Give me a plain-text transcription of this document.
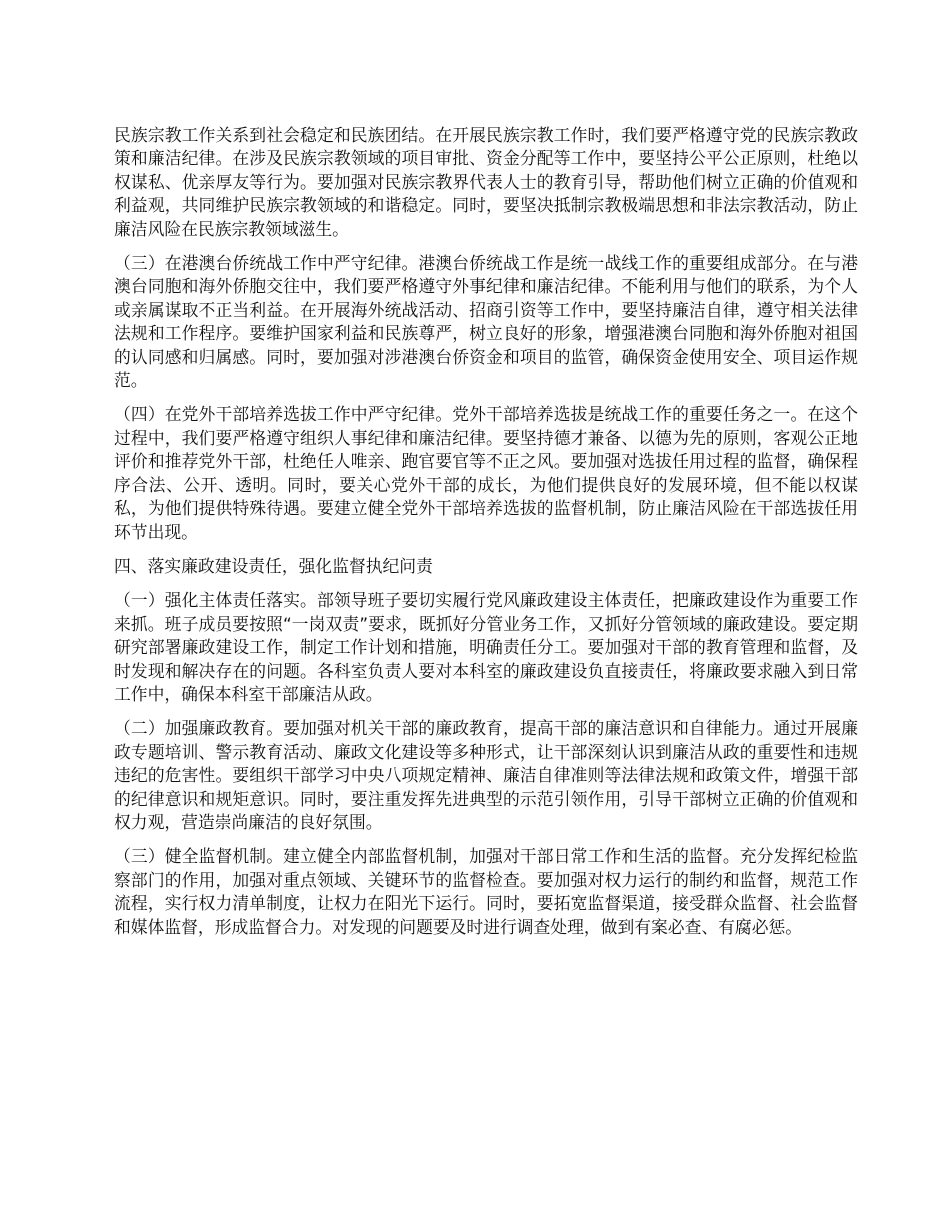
民族宗教工作关系到社会稳定和民族团结。在开展民族宗教工作时，我们要严格遵守党的民族宗教政策和廉洁纪律。在涉及民族宗教领域的项目审批、资金分配等工作中，要坚持公平公正原则，杜绝以权谋私、优亲厚友等行为。要加强对民族宗教界代表人士的教育引导，帮助他们树立正确的价值观和利益观，共同维护民族宗教领域的和谐稳定。同时，要坚决抵制宗教极端思想和非法宗教活动，防止廉洁风险在民族宗教领域滋生。

（三）在港澳台侨统战工作中严守纪律。港澳台侨统战工作是统一战线工作的重要组成部分。在与港澳台同胞和海外侨胞交往中，我们要严格遵守外事纪律和廉洁纪律。不能利用与他们的联系，为个人或亲属谋取不正当利益。在开展海外统战活动、招商引资等工作中，要坚持廉洁自律，遵守相关法律法规和工作程序。要维护国家利益和民族尊严，树立良好的形象，增强港澳台同胞和海外侨胞对祖国的认同感和归属感。同时，要加强对涉港澳台侨资金和项目的监管，确保资金使用安全、项目运作规范。

（四）在党外干部培养选拔工作中严守纪律。党外干部培养选拔是统战工作的重要任务之一。在这个过程中，我们要严格遵守组织人事纪律和廉洁纪律。要坚持德才兼备、以德为先的原则，客观公正地评价和推荐党外干部，杜绝任人唯亲、跑官要官等不正之风。要加强对选拔任用过程的监督，确保程序合法、公开、透明。同时，要关心党外干部的成长，为他们提供良好的发展环境，但不能以权谋私，为他们提供特殊待遇。要建立健全党外干部培养选拔的监督机制，防止廉洁风险在干部选拔任用环节出现。

四、落实廉政建设责任，强化监督执纪问责

（一）强化主体责任落实。部领导班子要切实履行党风廉政建设主体责任，把廉政建设作为重要工作来抓。班子成员要按照“一岗双责”要求，既抓好分管业务工作，又抓好分管领域的廉政建设。要定期研究部署廉政建设工作，制定工作计划和措施，明确责任分工。要加强对干部的教育管理和监督，及时发现和解决存在的问题。各科室负责人要对本科室的廉政建设负直接责任，将廉政要求融入到日常工作中，确保本科室干部廉洁从政。

（二）加强廉政教育。要加强对机关干部的廉政教育，提高干部的廉洁意识和自律能力。通过开展廉政专题培训、警示教育活动、廉政文化建设等多种形式，让干部深刻认识到廉洁从政的重要性和违规违纪的危害性。要组织干部学习中央八项规定精神、廉洁自律准则等法律法规和政策文件，增强干部的纪律意识和规矩意识。同时，要注重发挥先进典型的示范引领作用，引导干部树立正确的价值观和权力观，营造崇尚廉洁的良好氛围。

（三）健全监督机制。建立健全内部监督机制，加强对干部日常工作和生活的监督。充分发挥纪检监察部门的作用，加强对重点领域、关键环节的监督检查。要加强对权力运行的制约和监督，规范工作流程，实行权力清单制度，让权力在阳光下运行。同时，要拓宽监督渠道，接受群众监督、社会监督和媒体监督，形成监督合力。对发现的问题要及时进行调查处理，做到有案必查、有腐必惩。
